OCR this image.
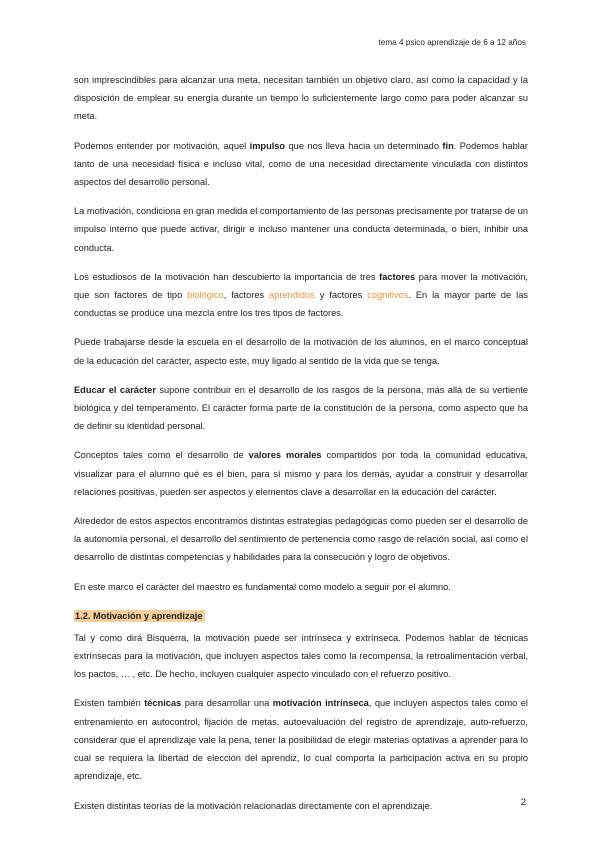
tema 4 psico aprendizaje de 6 a 12 años

son imprescindibles para alcanzar una meta, necesitan también un objetivo claro, así como la capacidad y la disposición de emplear su energía durante un tiempo lo suficientemente largo como para poder alcanzar su meta.

Podemos entender por motivación, aquel impulso que nos lleva hacia un determinado fin. Podemos hablar tanto de una necesidad física e incluso vital, como de una necesidad directamente vinculada con distintos aspectos del desarrollo personal.

La motivación, condiciona en gran medida el comportamiento de las personas precisamente por tratarse de un impulso interno que puede activar, dirigir e incluso mantener una conducta determinada, o bien, inhibir una conducta.

Los estudiosos de la motivación han descubierto la importancia de tres factores para mover la motivación, que son factores de tipo biológico, factores aprendidos y factores cognitivos. En la mayor parte de las conductas se produce una mezcla entre los tres tipos de factores.

Puede trabajarse desde la escuela en el desarrollo de la motivación de los alumnos, en el marco conceptual de la educación del carácter, aspecto este, muy ligado al sentido de la vida que se tenga.

Educar el carácter supone contribuir en el desarrollo de los rasgos de la persona, más allá de su vertiente biológica y del temperamento. El carácter forma parte de la constitución de la persona, como aspecto que ha de definir su identidad personal.

Conceptos tales como el desarrollo de valores morales compartidos por toda la comunidad educativa, visualizar para el alumno qué es el bien, para sí mismo y para los demás, ayudar a construir y desarrollar relaciones positivas, pueden ser aspectos y elementos clave a desarrollar en la educación del carácter.

Alrededor de estos aspectos encontramos distintas estrategias pedagógicas como pueden ser el desarrollo de la autonomía personal, el desarrollo del sentimiento de pertenencia como rasgo de relación social, así como el desarrollo de distintas competencias y habilidades para la consecución y logro de objetivos.

En este marco el carácter del maestro es fundamental como modelo a seguir por el alumno.

1.2. Motivación y aprendizaje

Tal y como dirá Bisquerra, la motivación puede ser intrínseca y extrínseca. Podemos hablar de técnicas extrínsecas para la motivación, que incluyen aspectos tales como la recompensa, la retroalimentación verbal, los pactos, … , etc. De hecho, incluyen cualquier aspecto vinculado con el refuerzo positivo.

Existen también técnicas para desarrollar una motivación intrínseca, que incluyen aspectos tales como el entrenamiento en autocontrol, fijación de metas, autoevaluación del registro de aprendizaje, auto-refuerzo, considerar que el aprendizaje vale la pena, tener la posibilidad de elegir materias optativas a aprender para lo cual se requiera la libertad de elección del aprendiz, lo cual comporta la participación activa en su propio aprendizaje, etc.

Existen distintas teorías de la motivación relacionadas directamente con el aprendizaje.	2
